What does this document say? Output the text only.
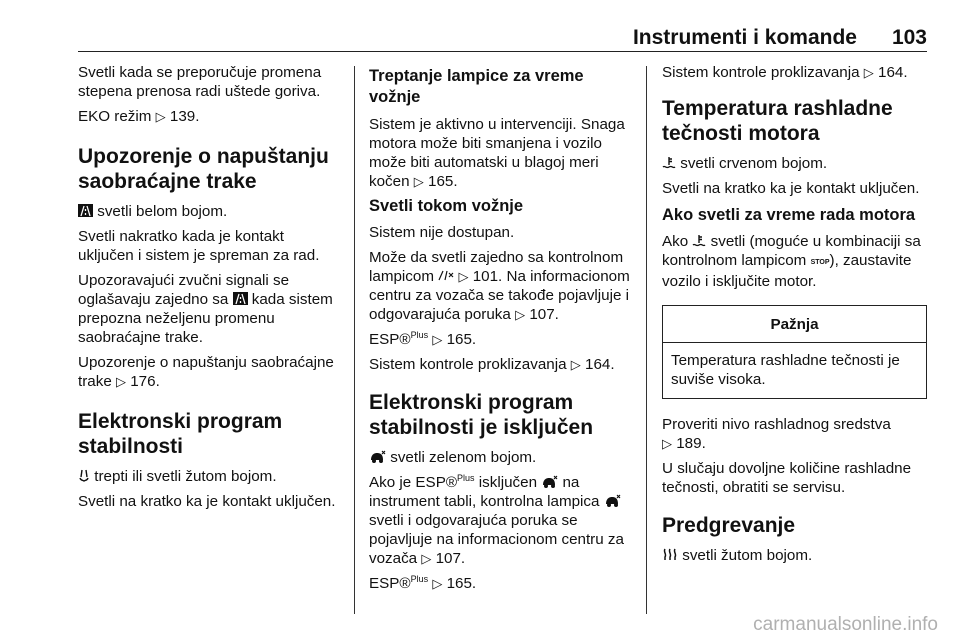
Instrumenti i komande 103

Svetli kada se preporučuje promena stepena prenosa radi uštede goriva.

EKO režim ▷ 139.

Upozorenje o napuštanju saobraćajne trake

svetli belom bojom.

Svetli nakratko kada je kontakt uključen i sistem je spreman za rad.

Upozoravajući zvučni signali se oglašavaju zajedno sa kada sistem prepozna neželjenu promenu saobraćajne trake.

Upozorenje o napuštanju saobraćajne trake ▷ 176.

Elektronski program stabilnosti

trepti ili svetli žutom bojom.

Svetli na kratko ka je kontakt uključen.

Treptanje lampice za vreme vožnje

Sistem je aktivno u intervenciji. Snaga motora može biti smanjena i vozilo može biti automatski u blagoj meri kočen ▷ 165.

Svetli tokom vožnje

Sistem nije dostupan.

Može da svetli zajedno sa kontrolnom lampicom ▷ 101. Na informacionom centru za vozača se takođe pojavljuje i odgovarajuća poruka ▷ 107.

ESP®$^{Plus}$ ▷ 165.

Sistem kontrole proklizavanja ▷ 164.

Elektronski program stabilnosti je isključen

svetli zelenom bojom.

Ako je ESP®$^{Plus}$ isključen na instrument tabli, kontrolna lampica  svetli i odgovarajuća poruka se pojavljuje na informacionom centru za vozača ▷ 107.

ESP®$^{Plus}$ ▷ 165.

Sistem kontrole proklizavanja ▷ 164.

Temperatura rashladne tečnosti motora

svetli crvenom bojom.

Svetli na kratko ka je kontakt uključen.

Ako svetli za vreme rada motora

Ako svetli (moguće u kombinaciji sa kontrolnom lampicom STOP), zaustavite vozilo i isključite motor.

Pažnja
Temperatura rashladne tečnosti je suviše visoka.

Proveriti nivo rashladnog sredstva
▷ 189.

U slučaju dovoljne količine rashladne tečnosti, obratiti se servisu.

Predgrevanje

svetli žutom bojom.

carmanualsonline.info
